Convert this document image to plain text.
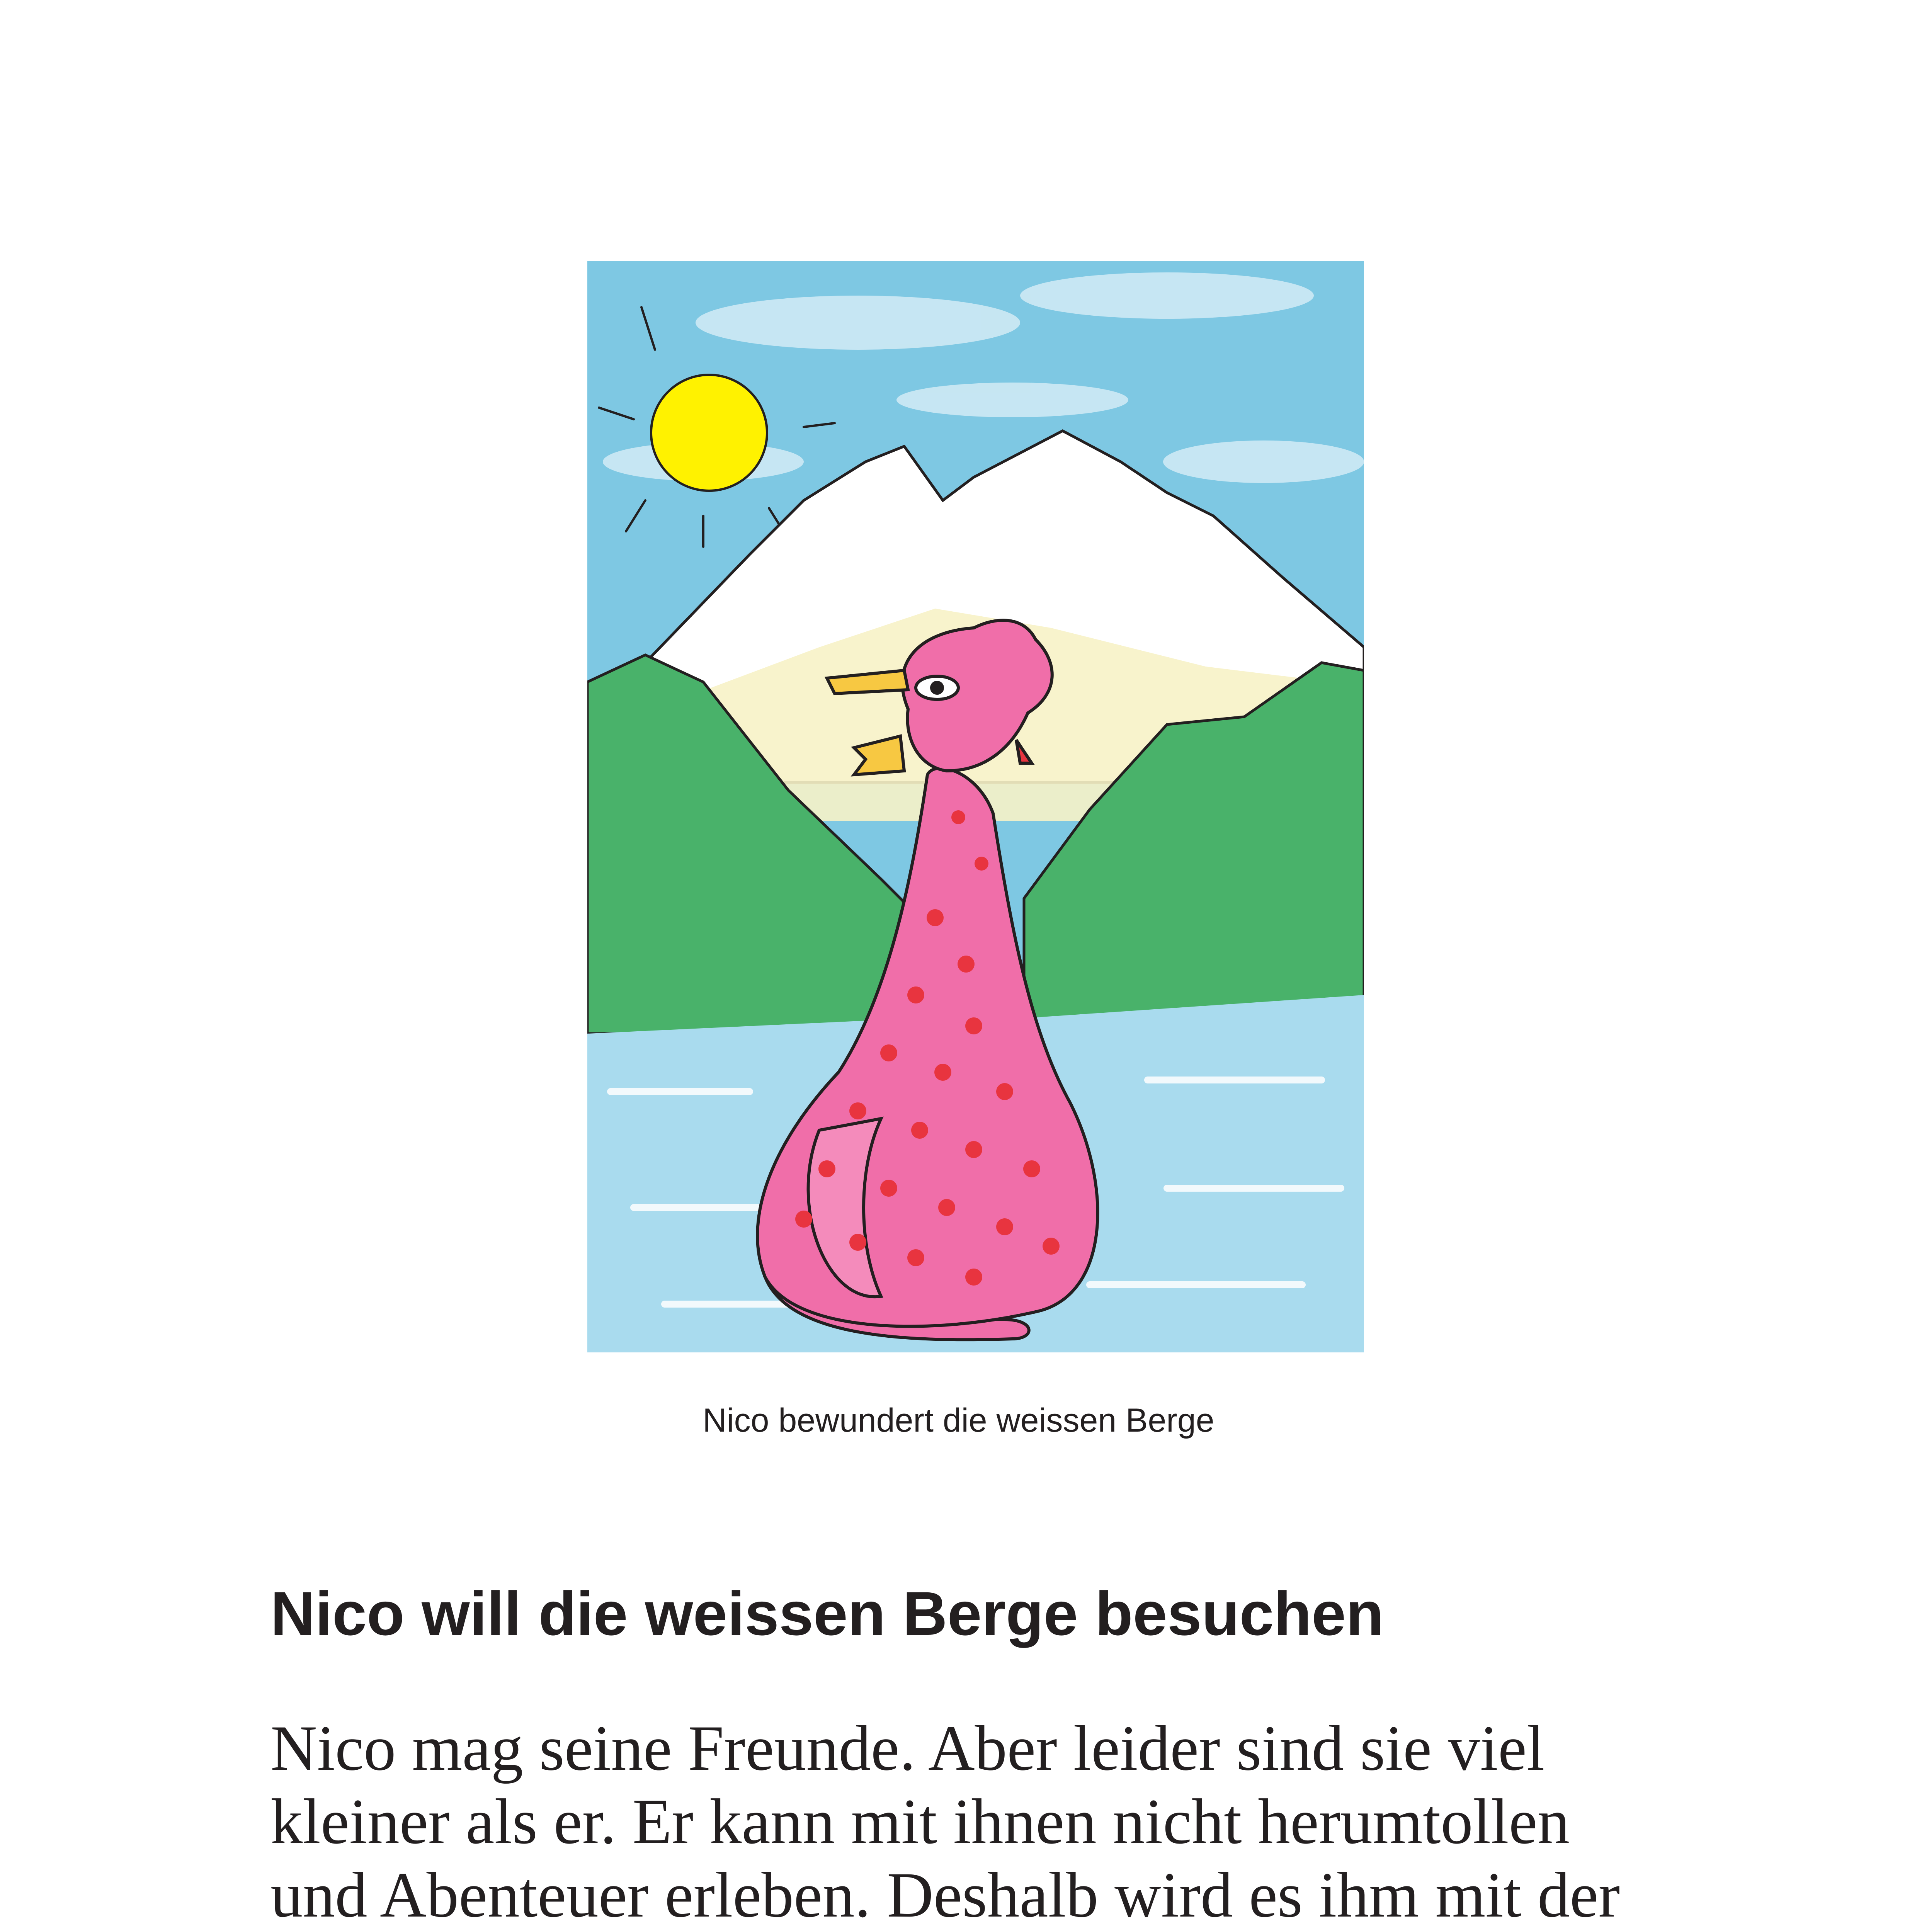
Nico bewundert die weissen Berge

Nico will die weissen Berge besuchen

Nico mag seine Freunde. Aber leider sind sie viel
kleiner als er. Er kann mit ihnen nicht herumtollen
und Abenteuer erleben. Deshalb wird es ihm mit der
